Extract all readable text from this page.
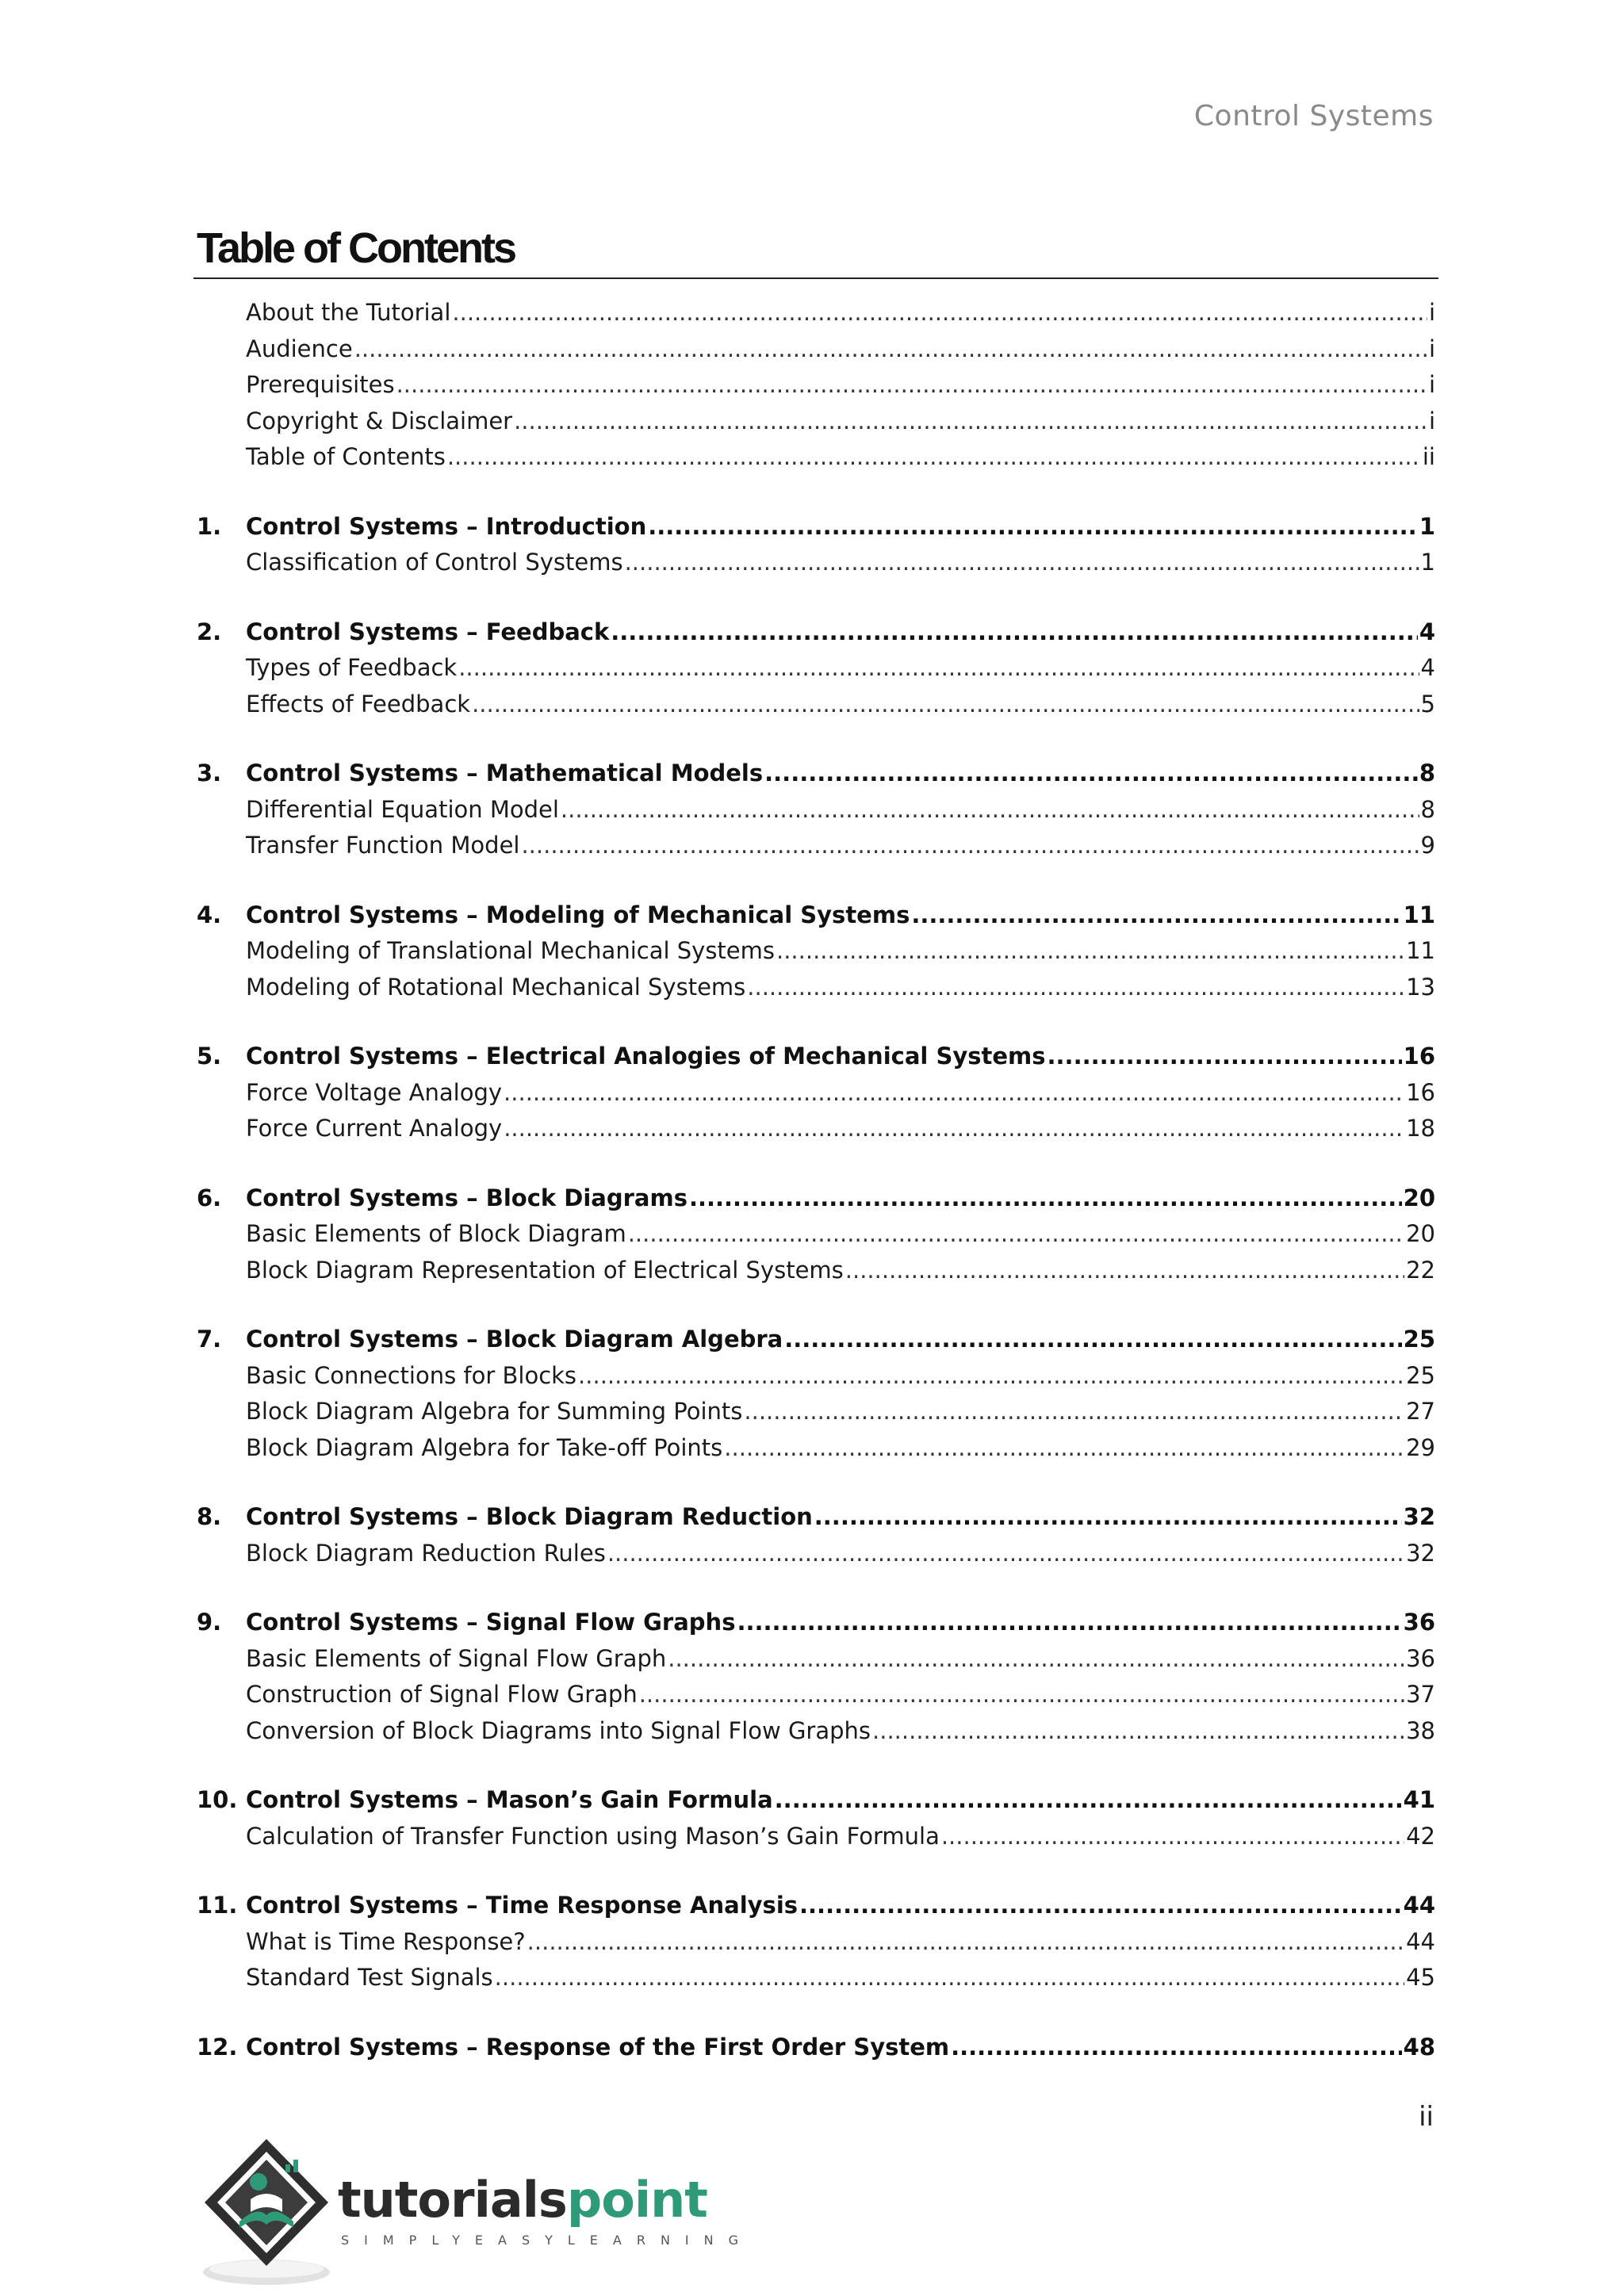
Control Systems
Table of Contents
About the Tutorial .....	i
Audience .....	i
Prerequisites .....	i
Copyright & Disclaimer .....	i
Table of Contents .....	ii
1.	Control Systems – Introduction .....	1
Classification of Control Systems .....	1
2.	Control Systems – Feedback .....	4
Types of Feedback .....	4
Effects of Feedback .....	5
3.	Control Systems – Mathematical Models .....	8
Differential Equation Model .....	8
Transfer Function Model .....	9
4.	Control Systems – Modeling of Mechanical Systems .....	11
Modeling of Translational Mechanical Systems .....	11
Modeling of Rotational Mechanical Systems .....	13
5.	Control Systems – Electrical Analogies of Mechanical Systems .....	16
Force Voltage Analogy .....	16
Force Current Analogy .....	18
6.	Control Systems – Block Diagrams .....	20
Basic Elements of Block Diagram .....	20
Block Diagram Representation of Electrical Systems .....	22
7.	Control Systems – Block Diagram Algebra .....	25
Basic Connections for Blocks .....	25
Block Diagram Algebra for Summing Points .....	27
Block Diagram Algebra for Take-off Points .....	29
8.	Control Systems – Block Diagram Reduction .....	32
Block Diagram Reduction Rules .....	32
9.	Control Systems – Signal Flow Graphs .....	36
Basic Elements of Signal Flow Graph .....	36
Construction of Signal Flow Graph .....	37
Conversion of Block Diagrams into Signal Flow Graphs .....	38
10. Control Systems – Mason’s Gain Formula .....	41
Calculation of Transfer Function using Mason’s Gain Formula .....	42
11. Control Systems – Time Response Analysis .....	44
What is Time Response? .....	44
Standard Test Signals .....	45
12. Control Systems – Response of the First Order System .....	48
ii
tutorialspoint
SIMPLYEASYLEARNING
